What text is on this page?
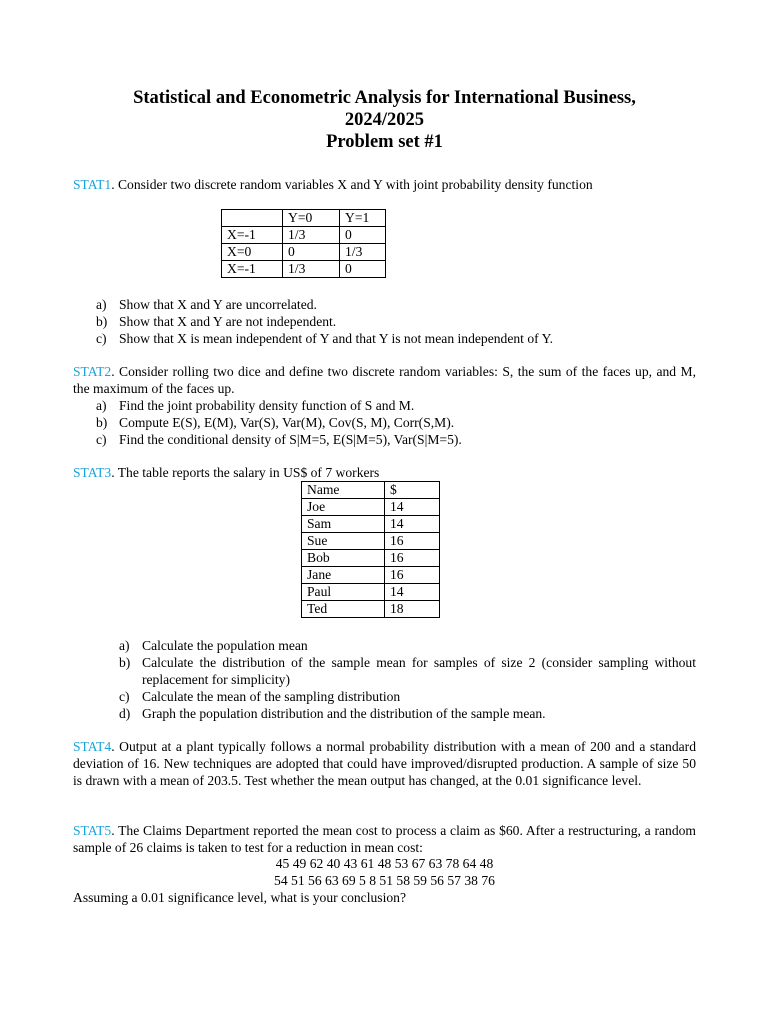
Statistical and Econometric Analysis for International Business,
2024/2025
Problem set #1
STAT1. Consider two discrete random variables X and Y with joint probability density function
	Y=0	Y=1
X=-1	1/3	0
X=0	0	1/3
X=-1	1/3	0
a) Show that X and Y are uncorrelated.
b) Show that X and Y are not independent.
c) Show that X is mean independent of Y and that Y is not mean independent of Y.
STAT2. Consider rolling two dice and define two discrete random variables: S, the sum of the faces up, and M, the maximum of the faces up.
a) Find the joint probability density function of S and M.
b) Compute E(S), E(M), Var(S), Var(M), Cov(S, M), Corr(S,M).
c) Find the conditional density of S|M=5, E(S|M=5), Var(S|M=5).
STAT3. The table reports the salary in US$ of 7 workers
Name	$
Joe	14
Sam	14
Sue	16
Bob	16
Jane	16
Paul	14
Ted	18
a) Calculate the population mean
b) Calculate the distribution of the sample mean for samples of size 2 (consider sampling without replacement for simplicity)
c) Calculate the mean of the sampling distribution
d) Graph the population distribution and the distribution of the sample mean.
STAT4. Output at a plant typically follows a normal probability distribution with a mean of 200 and a standard deviation of 16. New techniques are adopted that could have improved/disrupted production. A sample of size 50 is drawn with a mean of 203.5. Test whether the mean output has changed, at the 0.01 significance level.
STAT5. The Claims Department reported the mean cost to process a claim as $60. After a restructuring, a random sample of 26 claims is taken to test for a reduction in mean cost:
45 49 62 40 43 61 48 53 67 63 78 64 48
54 51 56 63 69 5 8 51 58 59 56 57 38 76
Assuming a 0.01 significance level, what is your conclusion?
